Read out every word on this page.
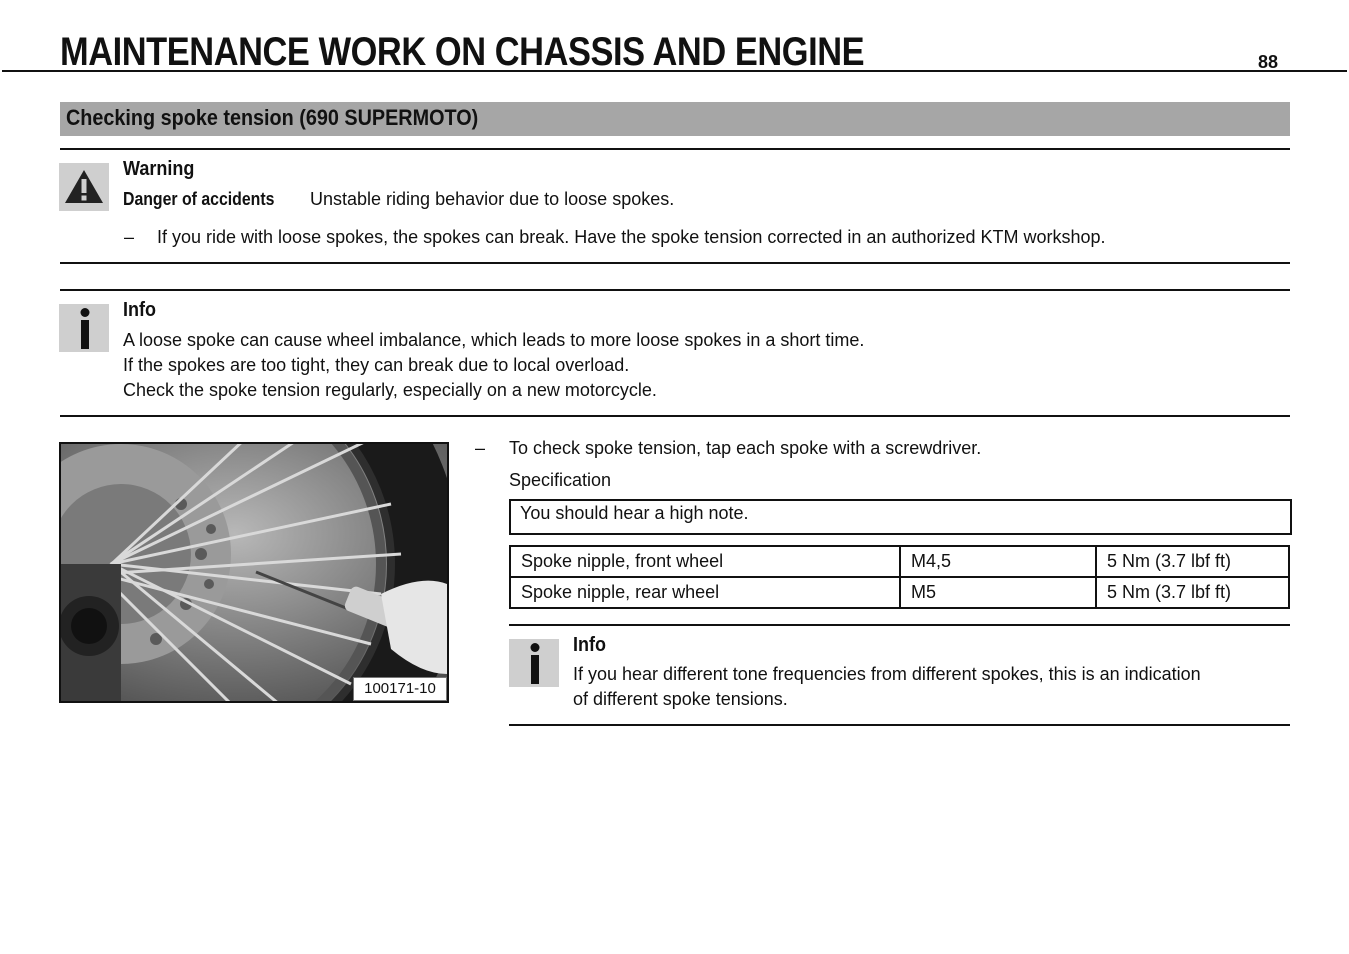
MAINTENANCE WORK ON CHASSIS AND ENGINE	88
Checking spoke tension (690 SUPERMOTO)
Warning
Danger of accidents Unstable riding behavior due to loose spokes.
– If you ride with loose spokes, the spokes can break. Have the spoke tension corrected in an authorized KTM workshop.
Info
A loose spoke can cause wheel imbalance, which leads to more loose spokes in a short time.
If the spokes are too tight, they can break due to local overload.
Check the spoke tension regularly, especially on a new motorcycle.
100171-10
– To check spoke tension, tap each spoke with a screwdriver.
Specification
You should hear a high note.
Spoke nipple, front wheel	M4,5	5 Nm (3.7 lbf ft)
Spoke nipple, rear wheel	M5	5 Nm (3.7 lbf ft)
Info
If you hear different tone frequencies from different spokes, this is an indication
of different spoke tensions.
